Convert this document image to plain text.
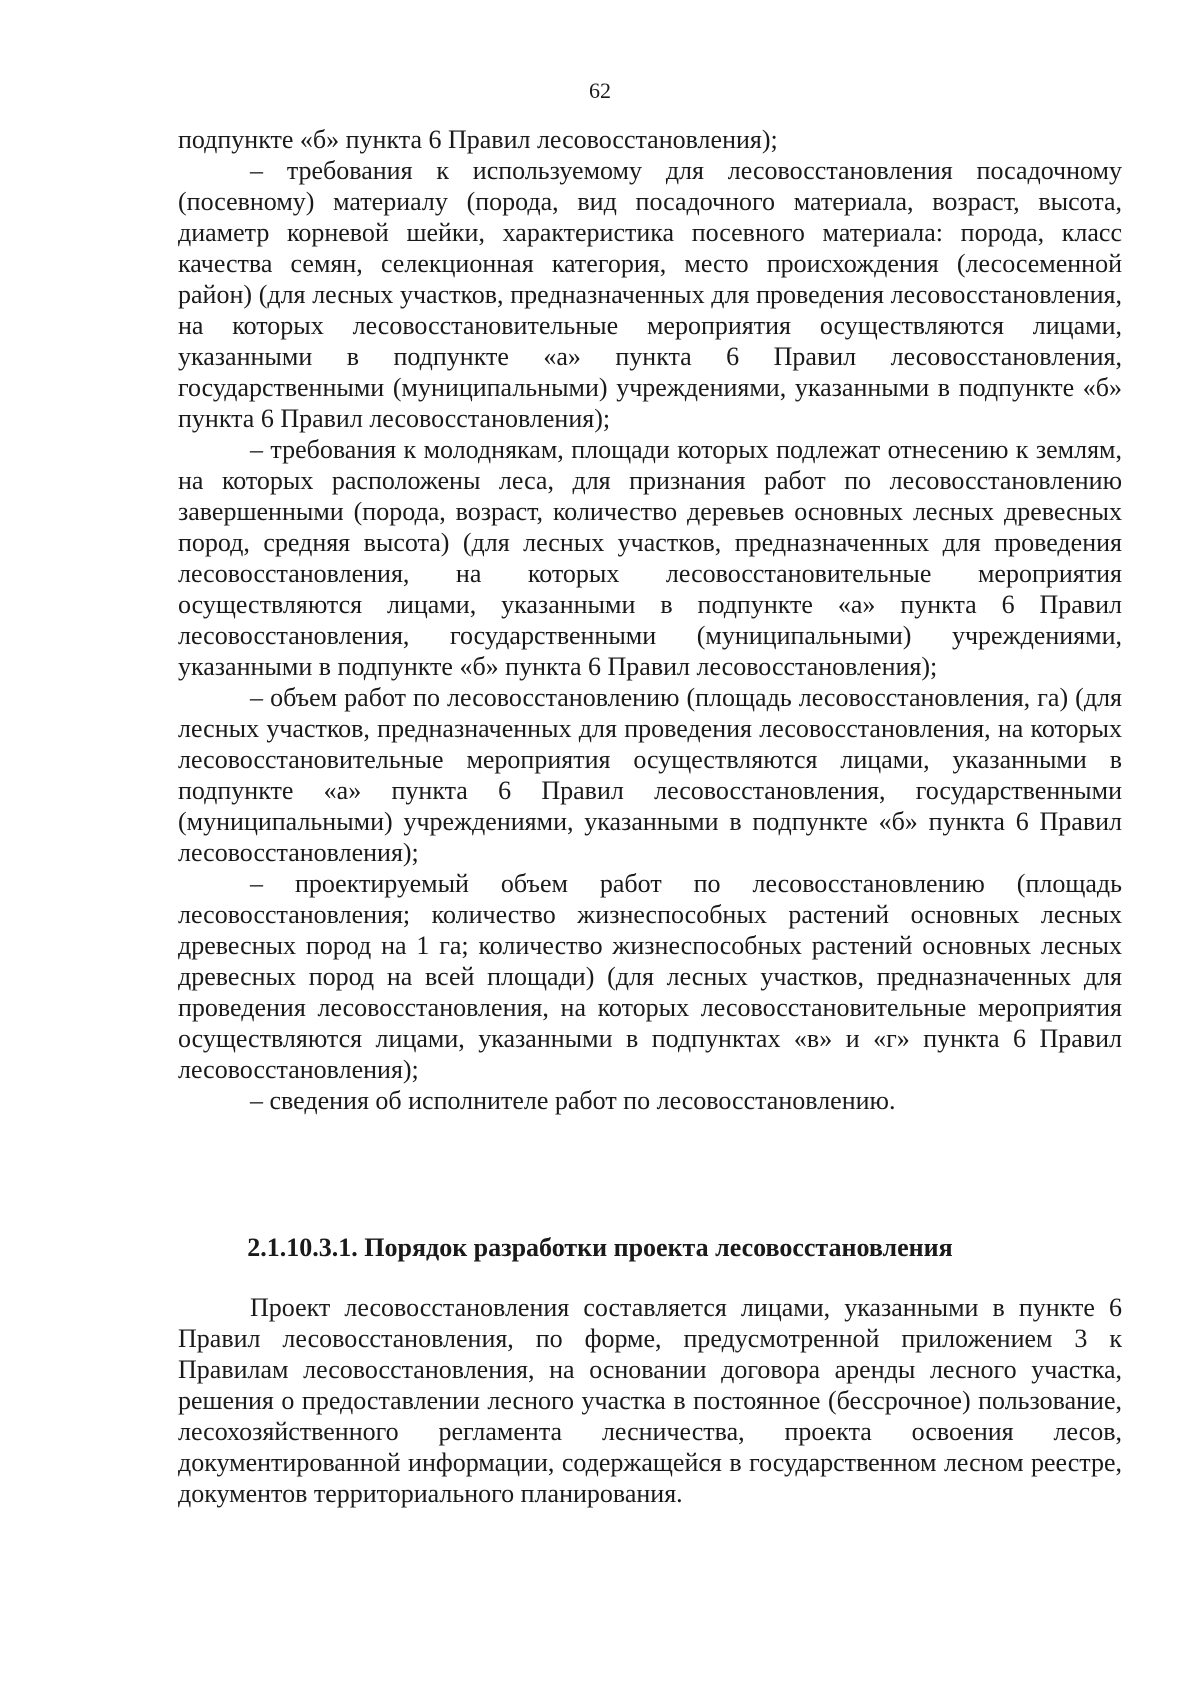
62

подпункте «б» пункта 6 Правил лесовосстановления);

– требования к используемому для лесовосстановления посадочному (посевному) материалу (порода, вид посадочного материала, возраст, высота, диаметр корневой шейки, характеристика посевного материала: порода, класс качества семян, селекционная категория, место происхождения (лесосеменной район) (для лесных участков, предназначенных для проведения лесовосстановления, на которых лесовосстановительные мероприятия осуществляются лицами, указанными в подпункте «а» пункта 6 Правил лесовосстановления, государственными (муниципальными) учреждениями, указанными в подпункте «б» пункта 6 Правил лесовосстановления);

– требования к молоднякам, площади которых подлежат отнесению к землям, на которых расположены леса, для признания работ по лесовосстановлению завершенными (порода, возраст, количество деревьев основных лесных древесных пород, средняя высота) (для лесных участков, предназначенных для проведения лесовосстановления, на которых лесовосстановительные мероприятия осуществляются лицами, указанными в подпункте «а» пункта 6 Правил лесовосстановления, государственными (муниципальными) учреждениями, указанными в подпункте «б» пункта 6 Правил лесовосстановления);

– объем работ по лесовосстановлению (площадь лесовосстановления, га) (для лесных участков, предназначенных для проведения лесовосстановления, на которых лесовосстановительные мероприятия осуществляются лицами, указанными в подпункте «а» пункта 6 Правил лесовосстановления, государственными (муниципальными) учреждениями, указанными в подпункте «б» пункта 6 Правил лесовосстановления);

– проектируемый объем работ по лесовосстановлению (площадь лесовосстановления; количество жизнеспособных растений основных лесных древесных пород на 1 га; количество жизнеспособных растений основных лесных древесных пород на всей площади) (для лесных участков, предназначенных для проведения лесовосстановления, на которых лесовосстановительные мероприятия осуществляются лицами, указанными в подпунктах «в» и «г» пункта 6 Правил лесовосстановления);

– сведения об исполнителе работ по лесовосстановлению.

2.1.10.3.1. Порядок разработки проекта лесовосстановления

Проект лесовосстановления составляется лицами, указанными в пункте 6 Правил лесовосстановления, по форме, предусмотренной приложением 3 к Правилам лесовосстановления, на основании договора аренды лесного участка, решения о предоставлении лесного участка в постоянное (бессрочное) пользование, лесохозяйственного регламента лесничества, проекта освоения лесов, документированной информации, содержащейся в государственном лесном реестре, документов территориального планирования.
